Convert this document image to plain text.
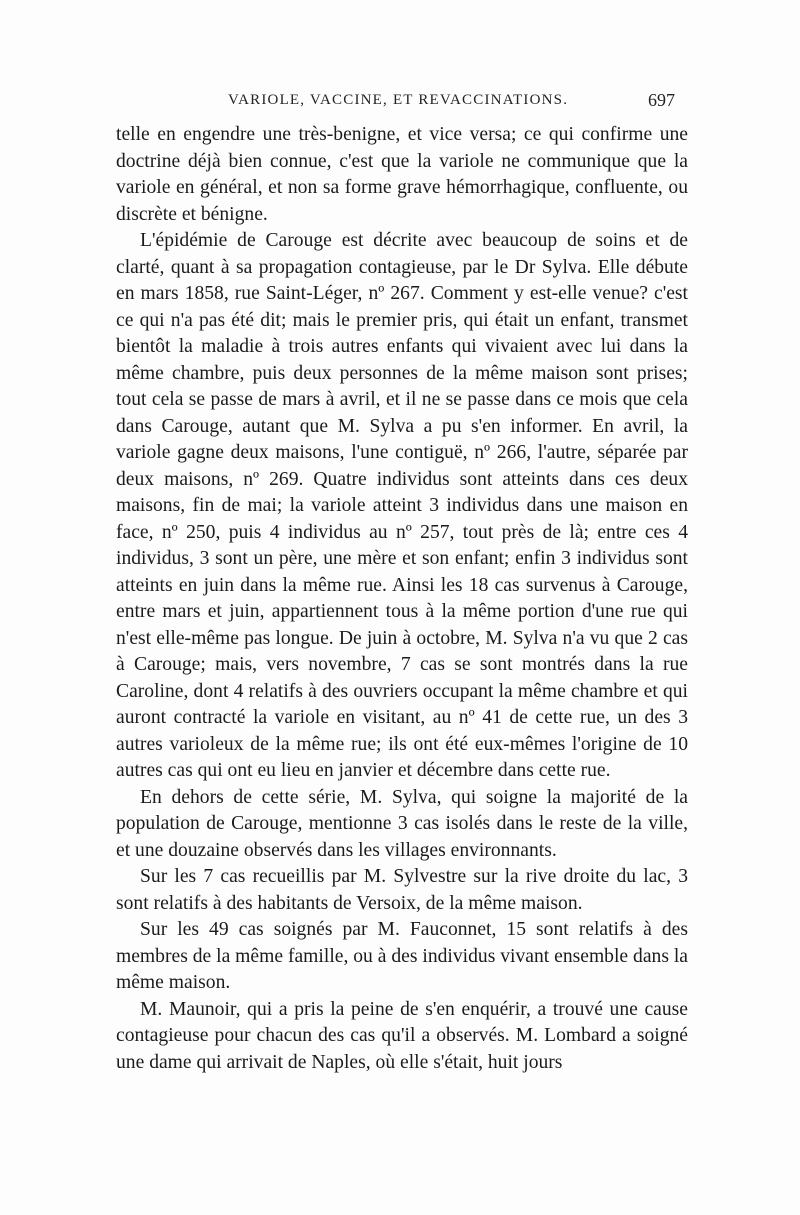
VARIOLE, VACCINE, ET REVACCINATIONS.	697

telle en engendre une très-benigne, et vice versa; ce qui confirme une doctrine déjà bien connue, c'est que la variole ne communique que la variole en général, et non sa forme grave hémorrhagique, confluente, ou discrète et bénigne.

L'épidémie de Carouge est décrite avec beaucoup de soins et de clarté, quant à sa propagation contagieuse, par le Dr Sylva. Elle débute en mars 1858, rue Saint-Léger, nº 267. Comment y est-elle venue? c'est ce qui n'a pas été dit; mais le premier pris, qui était un enfant, transmet bientôt la maladie à trois autres enfants qui vivaient avec lui dans la même chambre, puis deux personnes de la même maison sont prises; tout cela se passe de mars à avril, et il ne se passe dans ce mois que cela dans Carouge, autant que M. Sylva a pu s'en informer. En avril, la variole gagne deux maisons, l'une contiguë, nº 266, l'autre, séparée par deux maisons, nº 269. Quatre individus sont atteints dans ces deux maisons, fin de mai; la variole atteint 3 individus dans une maison en face, nº 250, puis 4 individus au nº 257, tout près de là; entre ces 4 individus, 3 sont un père, une mère et son enfant; enfin 3 individus sont atteints en juin dans la même rue. Ainsi les 18 cas survenus à Carouge, entre mars et juin, appartiennent tous à la même portion d'une rue qui n'est elle-même pas longue. De juin à octobre, M. Sylva n'a vu que 2 cas à Carouge; mais, vers novembre, 7 cas se sont montrés dans la rue Caroline, dont 4 relatifs à des ouvriers occupant la même chambre et qui auront contracté la variole en visitant, au nº 41 de cette rue, un des 3 autres varioleux de la même rue; ils ont été eux-mêmes l'origine de 10 autres cas qui ont eu lieu en janvier et décembre dans cette rue.

En dehors de cette série, M. Sylva, qui soigne la majorité de la population de Carouge, mentionne 3 cas isolés dans le reste de la ville, et une douzaine observés dans les villages environnants.

Sur les 7 cas recueillis par M. Sylvestre sur la rive droite du lac, 3 sont relatifs à des habitants de Versoix, de la même maison.

Sur les 49 cas soignés par M. Fauconnet, 15 sont relatifs à des membres de la même famille, ou à des individus vivant ensemble dans la même maison.

M. Maunoir, qui a pris la peine de s'en enquérir, a trouvé une cause contagieuse pour chacun des cas qu'il a observés. M. Lombard a soigné une dame qui arrivait de Naples, où elle s'était, huit jours
